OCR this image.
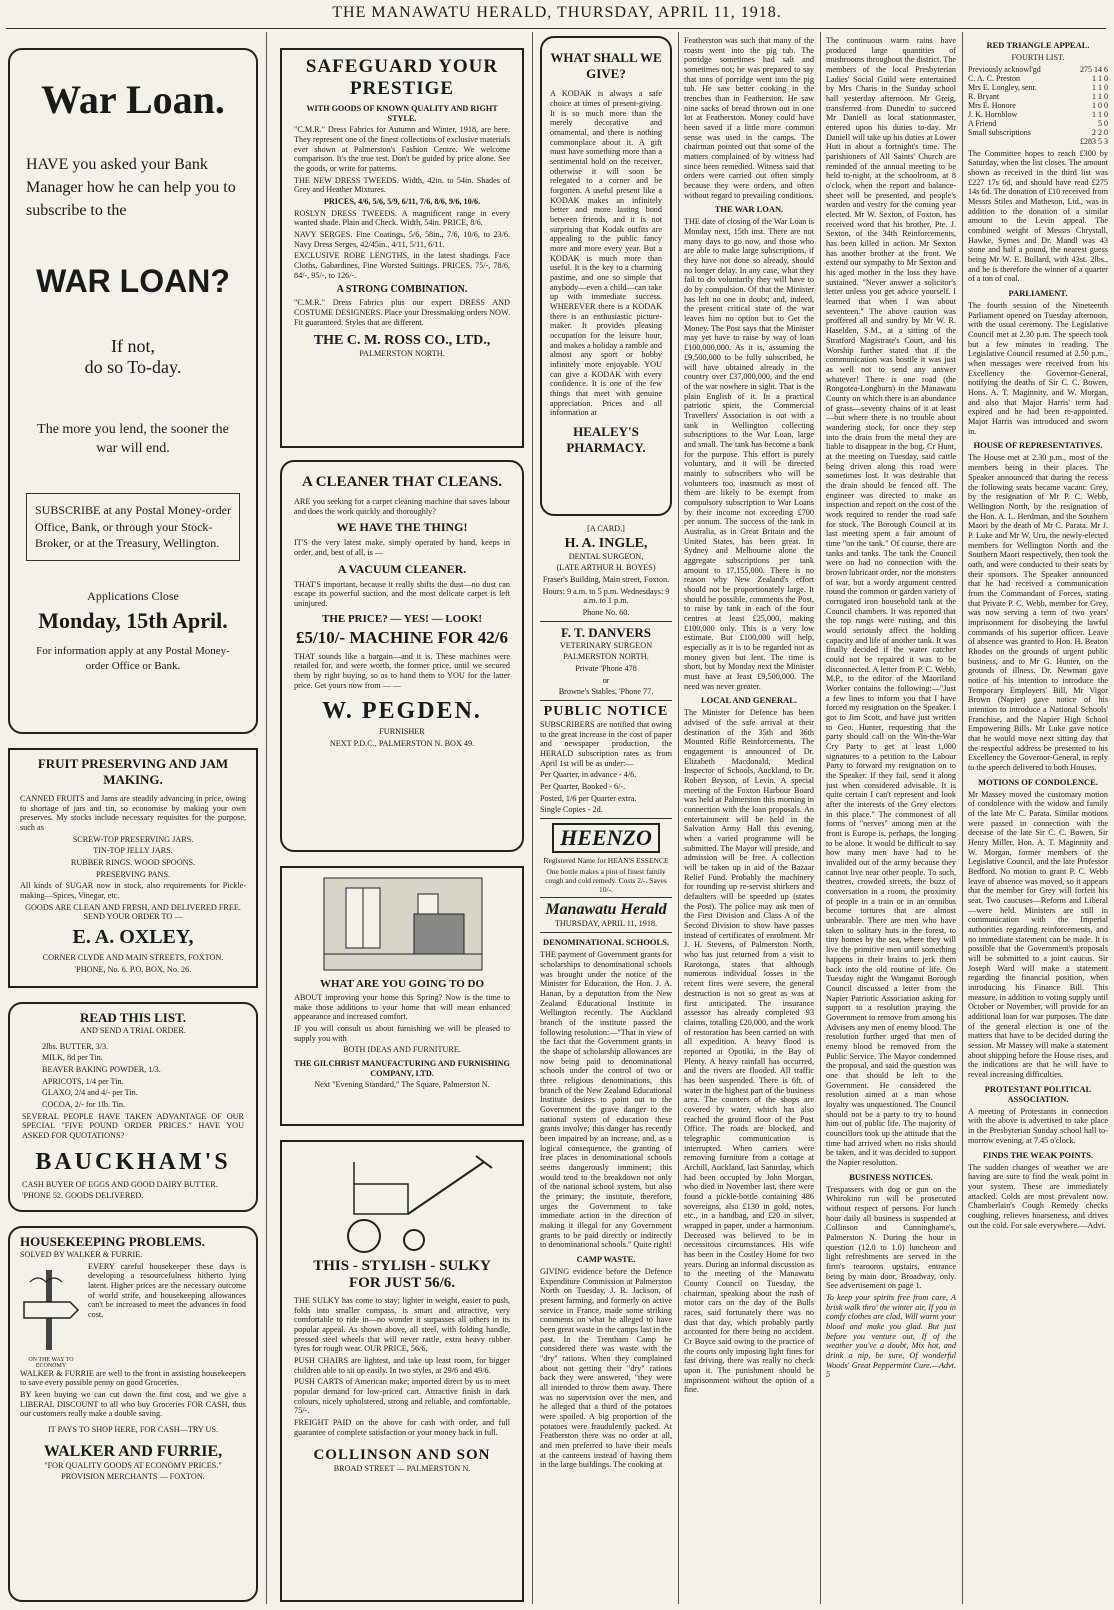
THE MANAWATU HERALD, THURSDAY, APRIL 11, 1918.
War Loan.
HAVE you asked your Bank Manager how he can help you to subscribe to the
WAR LOAN?
If not,
do so To-day.
The more you lend, the sooner the war will end.
SUBSCRIBE at any Postal Money-order Office, Bank, or through your Stock-Broker, or at the Treasury, Wellington.
Applications Close
Monday, 15th April.
For information apply at any Postal Money-order Office or Bank.
FRUIT PRESERVING AND JAM MAKING.
CANNED FRUITS and Jams are steadily advancing in price, owing to shortage of jars and tin, so economise by making your own preserves. My stocks include necessary requisites for the purpose, such as
SCREW-TOP PRESERVING JARS.
TIN-TOP JELLY JARS.
RUBBER RINGS. WOOD SPOONS.
PRESERVING PANS.
All kinds of SUGAR now in stock, also requirements for Pickle-making—Spices, Vinegar, etc.
GOODS ARE CLEAN AND FRESH, AND DELIVERED FREE. SEND YOUR ORDER TO —
E. A. OXLEY,
CORNER CLYDE AND MAIN STREETS, FOXTON.
'PHONE, No. 6. P.O. BOX, No. 26.
READ THIS LIST.
AND SEND A TRIAL ORDER.
2lbs. BUTTER, 3/3.
MILK, 8d per Tin.
BEAVER BAKING POWDER, 1/3.
APRICOTS, 1/4 per Tin.
GLAXO, 2/4 and 4/- per Tin.
COCOA, 2/- for 1lb. Tin.
SEVERAL PEOPLE HAVE TAKEN ADVANTAGE OF OUR SPECIAL "FIVE POUND ORDER PRICES." HAVE YOU ASKED FOR QUOTATIONS?
BAUCKHAM'S
CASH BUYER OF EGGS AND GOOD DAIRY BUTTER.
'PHONE 52. GOODS DELIVERED.
HOUSEKEEPING PROBLEMS.
SOLVED BY WALKER & FURRIE.
ON THE WAY TO ECONOMY
EVERY careful housekeeper these days is developing a resourcefulness hitherto lying latent. Higher prices are the necessary outcome of world strife, and housekeeping allowances can't be increased to meet the advances in food cost.
WALKER & FURRIE are well to the front in assisting housekeepers to save every possible penny on good Groceries.
BY keen buying we can cut down the first cost, and we give a LIBERAL DISCOUNT to all who buy Groceries FOR CASH, thus our customers really make a double saving.
IT PAYS TO SHOP HERE, FOR CASH—TRY US.
WALKER AND FURRIE,
"FOR QUALITY GOODS AT ECONOMY PRICES."
PROVISION MERCHANTS — FOXTON.
SAFEGUARD YOUR
PRESTIGE
WITH GOODS OF KNOWN QUALITY AND RIGHT STYLE.
"C.M.R." Dress Fabrics for Autumn and Winter, 1918, are here. They represent one of the finest collections of exclusive materials ever shown at Palmerston's Fashion Centre. We welcome comparison. It's the true test. Don't be guided by price alone. See the goods, or write for patterns.
THE NEW DRESS TWEEDS. Width, 42in. to 54in. Shades of Grey and Heather Mixtures.
PRICES, 4/6, 5/6, 5/9, 6/11, 7/6, 8/6, 9/6, 10/6.
ROSLYN DRESS TWEEDS. A magnificent range in every wanted shade. Plain and Check. Width, 54in. PRICE, 8/6.
NAVY SERGES. Fine Coatings, 5/6, 58in., 7/6, 10/6, to 23/6. Navy Dress Serges, 42/45in., 4/11, 5/11, 6/11.
EXCLUSIVE ROBE LENGTHS, in the latest shadings. Face Cloths, Gabardines, Fine Worsted Suitings. PRICES, 75/-, 78/6, 84/-, 95/-, to 126/-.
A STRONG COMBINATION.
"C.M.R." Dress Fabrics plus our expert DRESS AND COSTUME DESIGNERS. Place your Dressmaking orders NOW. Fit guaranteed. Styles that are different.
THE C. M. ROSS CO., LTD.,
PALMERSTON NORTH.
A CLEANER THAT CLEANS.
ARE you seeking for a carpet cleaning machine that saves labour and does the work quickly and thoroughly?
WE HAVE THE THING!
IT'S the very latest make, simply operated by hand, keeps in order, and, best of all, is —
A VACUUM CLEANER.
THAT'S important, because it really shifts the dust—no dust can escape its powerful suction, and the most delicate carpet is left uninjured.
THE PRICE? — YES! — LOOK!
£5/10/- MACHINE FOR 42/6
THAT sounds like a bargain—and it is. These machines were retailed for, and were worth, the former price, until we secured them by right buying, so as to hand them to YOU for the latter price. Get yours now from — —
W. PEGDEN.
FURNISHER
NEXT P.D.C., PALMERSTON N. BOX 49.
WHAT ARE YOU GOING TO DO
ABOUT improving your home this Spring? Now is the time to make those additions to your home that will mean enhanced appearance and increased comfort.
IF you will consult us about furnishing we will be pleased to supply you with
BOTH IDEAS AND FURNITURE.
THE GILCHRIST MANUFACTURING AND FURNISHING COMPANY, LTD.
Next "Evening Standard," The Square, Palmerston N.
THIS - STYLISH - SULKY
FOR JUST 56/6.
THE SULKY has come to stay; lighter in weight, easier to push, folds into smaller compass, is smart and attractive, very comfortable to ride in—no wonder it surpasses all others in its popular appeal. As shown above, all steel, with folding handle, pressed steel wheels that will never rattle, extra heavy rubber tyres for rough wear. OUR PRICE, 56/6.
PUSH CHAIRS are lightest, and take up least room, for bigger children able to sit up easily. In two styles, at 29/6 and 49/6.
PUSH CARTS of American make; imported direct by us to meet popular demand for low-priced cart. Attractive finish in dark colours, nicely upholstered, strong and reliable, and comfortable, 75/-.
FREIGHT PAID on the above for cash with order, and full guarantee of complete satisfaction or your money back in full.
COLLINSON AND SON
BROAD STREET — PALMERSTON N.
WHAT SHALL WE GIVE?
A KODAK is always a safe choice at times of present-giving. It is so much more than the merely decorative and ornamental, and there is nothing commonplace about it. A gift must have something more than a sentimental hold on the receiver, otherwise it will soon be relegated to a corner and be forgotten. A useful present like a KODAK makes an infinitely better and more lasting bond between friends, and it is not surprising that Kodak outfits are appealing to the public fancy more and more every year. But a KODAK is much more than useful. It is the key to a charming pastime, and one so simple that anybody—even a child—can take up with immediate success. WHEREVER there is a KODAK there is an enthusiastic picture-maker. It provides pleasing occupation for the leisure hour, and makes a holiday a ramble and almost any sport or hobby infinitely more enjoyable. YOU can give a KODAK with every confidence. It is one of the few things that meet with genuine appreciation. Prices and all information at
HEALEY'S PHARMACY.
[A CARD.]
H. A. INGLE,
DENTAL SURGEON,
(LATE ARTHUR H. BOYES)
Fraser's Building, Main street, Foxton.
Hours: 9 a.m. to 5 p.m. Wednesdays: 9 a.m. to 1 p.m.
Phone No. 60.
F. T. DANVERS
VETERINARY SURGEON
PALMERSTON NORTH.
Private 'Phone 478
or
Browne's Stables, 'Phone 77.
PUBLIC NOTICE
SUBSCRIBERS are notified that owing to the great increase in the cost of paper and newspaper production, the HERALD subscription rates as from April 1st will be as under:—
Per Quarter, in advance - 4/6.
Per Quarter, Booked - 6/-.
Posted, 1/6 per Quarter extra.
Single Copies - 2d.
HEENZO
Registered Name for HEAN'S ESSENCE
One bottle makes a pint of finest family cough and cold remedy. Costs 2/-. Saves 10/-.
Manawatu Herald
THURSDAY, APRIL 11, 1918.
DENOMINATIONAL SCHOOLS.
THE payment of Government grants for scholarships to denominational schools was brought under the notice of the Minister for Education, the Hon. J. A. Hanan, by a deputation from the New Zealand Educational Institute in Wellington recently. The Auckland branch of the institute passed the following resolution:—"That in view of the fact that the Government grants in the shape of scholarship allowances are now being paid to denominational schools under the control of two or three religious denominations, this branch of the New Zealand Educational Institute desires to point out to the Government the grave danger to the national system of education these grants involve; this danger has recently been impaired by an increase, and, as a logical consequence, the granting of free places in denominational schools seems dangerously imminent; this would tend to the breakdown not only of the national school system, but also the primary; the institute, therefore, urges the Government to take immediate action in the direction of making it illegal for any Government grants to be paid directly or indirectly to denominational schools." Quite right!
CAMP WASTE.
GIVING evidence before the Defence Expenditure Commission at Palmerston North on Tuesday, J. R. Jackson, of present farming, and formerly on active service in France, made some striking comments on what he alleged to have been great waste in the camps last in the past. In the Trentham Camp he considered there was waste with the "dry" rations. When they complained about not getting their "dry" rations back they were answered, "they were all intended to throw them away. There was no supervision over the men, and he alleged that a third of the potatoes were spoiled. A big proportion of the potatoes were fraudulently packed. At Featherston there was no order at all, and men preferred to have their meals at the canteens instead of having them in the large buildings. The cooking at
Featherston was such that many of the roasts went into the pig tub. The porridge sometimes had salt and sometimes not; he was prepared to say that tons of porridge went into the pig tub. He saw better cooking in the trenches than in Featherston. He saw nine sacks of bread thrown out in one lot at Featherston. Money could have been saved if a little more common sense was used in the camps. The chairman pointed out that some of the matters complained of by witness had since been remedied. Witness said that orders were carried out often simply because they were orders, and often without regard to prevailing conditions.
THE WAR LOAN.
THE date of closing of the War Loan is Monday next, 15th inst. There are not many days to go now, and those who are able to make large subscriptions, if they have not done so already, should no longer delay. In any case, what they fail to do voluntarily they will have to do by compulsion. Of that the Minister has left no one in doubt; and, indeed, the present critical state of the war leaves him no option but to Get the Money. The Post says that the Minister may yet have to raise by way of loan £100,000,000. As it is, assuming the £9,500,000 to be fully subscribed, he will have obtained already in the country over £37,000,000, and the end of the war nowhere in sight. That is the plain English of it. In a practical patriotic spirit, the Commercial Travellers' Association is out with a tank in Wellington collecting subscriptions to the War Loan, large and small. The tank has become a bank for the purpose. This effort is purely voluntary, and it will be directed mainly to subscribers who will be volunteers too, inasmuch as most of them are likely to be exempt from compulsory subscription to War Loans by their income not exceeding £700 per annum. The success of the tank in Australia, as in Great Britain and the United States, has been great. In Sydney and Melbourne alone the aggregate subscriptions per tank amount to 17,155,000. There is no reason why New Zealand's effort should not be proportionately large. It should be possible, comments the Post, to raise by tank in each of the four centres at least £25,000, making £100,000 only. This is a very low estimate. But £100,000 will help, especially as it is to be regarded not as money given but lent. The time is short, but by Monday next the Minister must have at least £9,500,000. The need was never greater.
LOCAL AND GENERAL.
The Minister for Defence has been advised of the safe arrival at their destination of the 35th and 36th Mounted Rifle Reinforcements. The engagement is announced of Dr. Elizabeth Macdonald, Medical Inspector of Schools, Auckland, to Dr. Robert Bryson, of Levin. A special meeting of the Foxton Harbour Board was held at Palmerston this morning in connection with the loan proposals. An entertainment will be held in the Salvation Army Hall this evening, when a varied programme will be submitted. The Mayor will preside, and admission will be free. A collection will be taken up in aid of the Bazaar Relief Fund. Probably the machinery for rounding up re-servist shirkers and defaulters will be speeded up (states the Post). The police may ask men of the First Division and Class A of the Second Division to show have passes instead of certificates of enrolment. Mr J. H. Stevens, of Palmerston North, who has just returned from a visit to Rarotonga, states that although numerous individual losses in the recent fires were severe, the general destruction is not so great as was at first anticipated. The insurance assessor has already completed 93 claims, totalling £20,000, and the work of restoration has been carried on with all expedition. A heavy flood is reported at Opotiki, in the Bay of Plenty. A heavy rainfall has occurred, and the rivers are flooded. All traffic has been suspended. There is 6ft. of water in the highest part of the business area. The counters of the shops are covered by water, which has also reached the ground floor of the Post Office. The roads are blocked, and telegraphic communication is interrupted. When carriers were removing furniture from a cottage at Archill, Auckland, last Saturday, which had been occupied by John Morgan, who died in November last, there were found a pickle-bottle containing 486 sovereigns, also £130 in gold, notes, etc., in a handbag, and £20 in silver, wrapped in paper, under a harmonium. Deceased was believed to be in necessitous circumstances. His wife has been in the Costley Home for two years. During an informal discussion as to the meeting of the Manawatu County Council on Tuesday, the chairman, speaking about the rush of motor cars on the day of the Bulls races, said fortunately there was no dust that day, which probably partly accounted for there being no accident. Cr Boyce said owing to the practice of the courts only imposing light fines for fast driving, there was really no check upon it. The punishment should be imprisonment without the option of a fine.
The continuous warm rains have produced large quantities of mushrooms throughout the district. The members of the local Presbyterian Ladies' Social Guild were entertained by Mrs Charis in the Sunday school hall yesterday afternoon. Mr Greig, transferred from Dunedin to succeed Mr Daniell as local stationmaster, entered upon his duties to-day. Mr Daniell will take up his duties at Lower Hutt in about a fortnight's time. The parishioners of All Saints' Church are reminded of the annual meeting to be held to-night, at the schoolroom, at 8 o'clock, when the report and balance-sheet will be presented, and people's warden and vestry for the coming year elected. Mr W. Sexton, of Foxton, has received word that his brother, Pte. J. Sexton, of the 34th Reinforcements, has been killed in action. Mr Sexton has another brother at the front. We extend our sympathy to Mr Sexton and his aged mother in the loss they have sustained. "Never answer a solicitor's letter unless you get advice yourself. I learned that when I was about seventeen." The above caution was proffered all and sundry by Mr W. R. Haselden, S.M., at a sitting of the Stratford Magistrate's Court, and his Worship further stated that if the communication was hostile it was just as well not to send any answer whatever! There is one road (the Rongotea-Longburn) in the Manawatu County on which there is an abundance of grass—seventy chains of it at least—but where there is no trouble about wandering stock, for once they step into the drain from the metal they are liable to disappear in the bog. Cr Hunt, at the meeting on Tuesday, said cattle being driven along this road were sometimes lost. It was desirable that the drain should be fenced off. The engineer was directed to make an inspection and report on the cost of the work required to render the road safe for stock. The Borough Council at its last meeting spent a fair amount of time "on the tank." Of course, there are tanks and tanks. The tank the Council were on had no connection with the brown lubricant order, nor the monsters of war, but a wordy argument centred round the common or garden variety of corrugated iron household tank at the Council chambers. It was reported that the top rungs were rusting, and this would seriously affect the holding capacity and life of another tank. It was finally decided if the water catcher could not be repaired it was to be disconnected. A letter from P. C. Webb, M.P., to the editor of the Maoriland Worker contains the following:—"Just a few lines to inform you that I have forced my resignation on the Speaker. I got to Jim Scott, and have just written to Geo. Hunter, requesting that the party should call on the Win-the-War Cry Party to get at least 1,000 signatures to a petition to the Labour Party to forward my resignation on to the Speaker. If they fail, send it along just when considered advisable. It is quite certain I can't represent and look after the interests of the Grey electors in this place." The commonest of all forms of "nerves" among men at the front is Europe is, perhaps, the longing to be alone. It would be difficult to say how many men have had to be invalided out of the army because they cannot live near other people. To such, theatres, crowded streets, the buzz of conversation in a room, the proximity of people in a train or in an omnibus become tortures that are almost unbearable. There are men who have taken to solitary huts in the forest, to tiny homes by the sea, where they will live the primitive men until something happens in their brains to jerk them back into the old routine of life. On Tuesday night the Wanganui Borough Council discussed a letter from the Napier Patriotic Association asking for support to a resolution praying the Government to remove from among his Advisers any men of enemy blood. The resolution further urged that men of enemy blood be removed from the Public Service. The Mayor condemned the proposal, and said the question was one that should be left to the Government. He considered the resolution aimed at a man whose loyalty was unquestioned. The Council should not be a party to try to hound him out of public life. The majority of councillors took up the attitude that the time had arrived when no risks should be taken, and it was decided to support the Napier resolution.
BUSINESS NOTICES.
Trespassers with dog or gun on the Whirokino run will be prosecuted without respect of persons. For lunch hour daily all business is suspended at Collinson and Cunninghame's, Palmerston N. During the hour in question (12.0 to 1.0) luncheon and light refreshments are served in the firm's tearooms upstairs, entrance being by main door, Broadway, only. See advertisement on page 1.
To keep your spirits free from care, A brisk walk thro' the winter air, If you in comfy clothes are clad, Will warm your blood and make you glad. But just before you venture out, If of the weather you've a doubt, Mix hot, and drink a nip, be sure, Of wonderful Woods' Great Peppermint Cure.—Advt. 5
RED TRIANGLE APPEAL.
FOURTH LIST.
Previously acknowl'gd	275 14 6
C. A. C. Preston	1 1 0
Mrs E. Longley, senr.	1 1 0
R. Bryant	1 1 0
Mrs E. Honore	1 0 0
J. K. Hornblow	1 1 0
A Friend	5 0
Small subscriptions	2 2 0
	£283 5 3
The Committee hopes to reach £300 by Saturday, when the list closes. The amount shown as received in the third list was £227 17s 6d, and should have read £275 14s 6d. The donation of £10 received from Messrs Stiles and Matheson, Ltd., was in addition to the donation of a similar amount to the Levin appeal. The combined weight of Messrs Chrystall, Hawke, Symes and Dr. Mandl was 43 stone and half a pound, the nearest guess being Mr W. E. Bullard, with 43st. 2lbs., and he is therefore the winner of a quarter of a ton of coal.
PARLIAMENT.
The fourth session of the Nineteenth Parliament opened on Tuesday afternoon, with the usual ceremony. The Legislative Council met at 2.30 p.m. The speech took but a few minutes in reading. The Legislative Council resumed at 2.50 p.m., when messages were received from his Excellency the Governor-General, notifying the deaths of Sir C. C. Bowen, Hons. A. T. Maginnity, and W. Morgan, and also that Major Harris' term had expired and he had been re-appointed. Major Harris was introduced and sworn in.
HOUSE OF REPRESENTATIVES.
The House met at 2.30 p.m., most of the members being in their places. The Speaker announced that during the recess the following seats became vacant: Grey, by the resignation of Mr P. C. Webb, Wellington North, by the resignation of the Hon. A. L. Herdman, and the Southern Maori by the death of Mr C. Parata. Mr J. P. Luke and Mr W. Uru, the newly-elected members for Wellington North and the Southern Maori respectively, then took the oath, and were conducted to their seats by their sponsors. The Speaker announced that he had received a communication from the Commandant of Forces, stating that Private P. C. Webb, member for Grey, was now serving a term of two years' imprisonment for disobeying the lawful commands of his superior officer. Leave of absence was granted to Hon. H. Beaton Rhodes on the grounds of urgent public business, and to Mr G. Hunter, on the grounds of illness. Dr. Newman gave notice of his intention to introduce the Temporary Employers' Bill, Mr Vigor Brown (Napier) gave notice of his intention to introduce a National Schools' Franchise, and the Napier High School Empowering Bills. Mr Luke gave notice that he would move next sitting day that the respectful address be presented to his Excellency the Governor-General, in reply to the speech delivered to both Houses.
MOTIONS OF CONDOLENCE.
Mr Massey moved the customary motion of condolence with the widow and family of the late Mr C. Parata. Similar motions were passed in connection with the decease of the late Sir C. C. Bowen, Sir Henry Miller, Hon. A. T. Maginnity and W. Morgan, former members of the Legislative Council, and the late Professor Bedford. No motion to grant P. C. Webb leave of absence was moved, so it appears that the member for Grey will forfeit his seat. Two caucuses—Reform and Liberal—were held. Ministers are still in communication with the Imperial authorities regarding reinforcements, and no immediate statement can be made. It is possible that the Government's proposals will be submitted to a joint caucus. Sir Joseph Ward will make a statement regarding the financial position, when introducing his Finance Bill. This measure, in addition to voting supply until October or November, will provide for an additional loan for war purposes. The date of the general election is one of the matters that have to be decided during the session. Mr Massey will make a statement about shipping before the House rises, and the indications are that he will have to reveal increasing difficulties.
PROTESTANT POLITICAL ASSOCIATION.
A meeting of Protestants in connection with the above is advertised to take place in the Presbyterian Sunday school hall to-morrow evening, at 7.45 o'clock.
FINDS THE WEAK POINTS.
The sudden changes of weather we are having are sure to find the weak point in your system. These are immediately attacked. Colds are most prevalent now. Chamberlain's Cough Remedy checks coughing, relieves hoarseness, and drives out the cold. For sale everywhere.—Advt.
